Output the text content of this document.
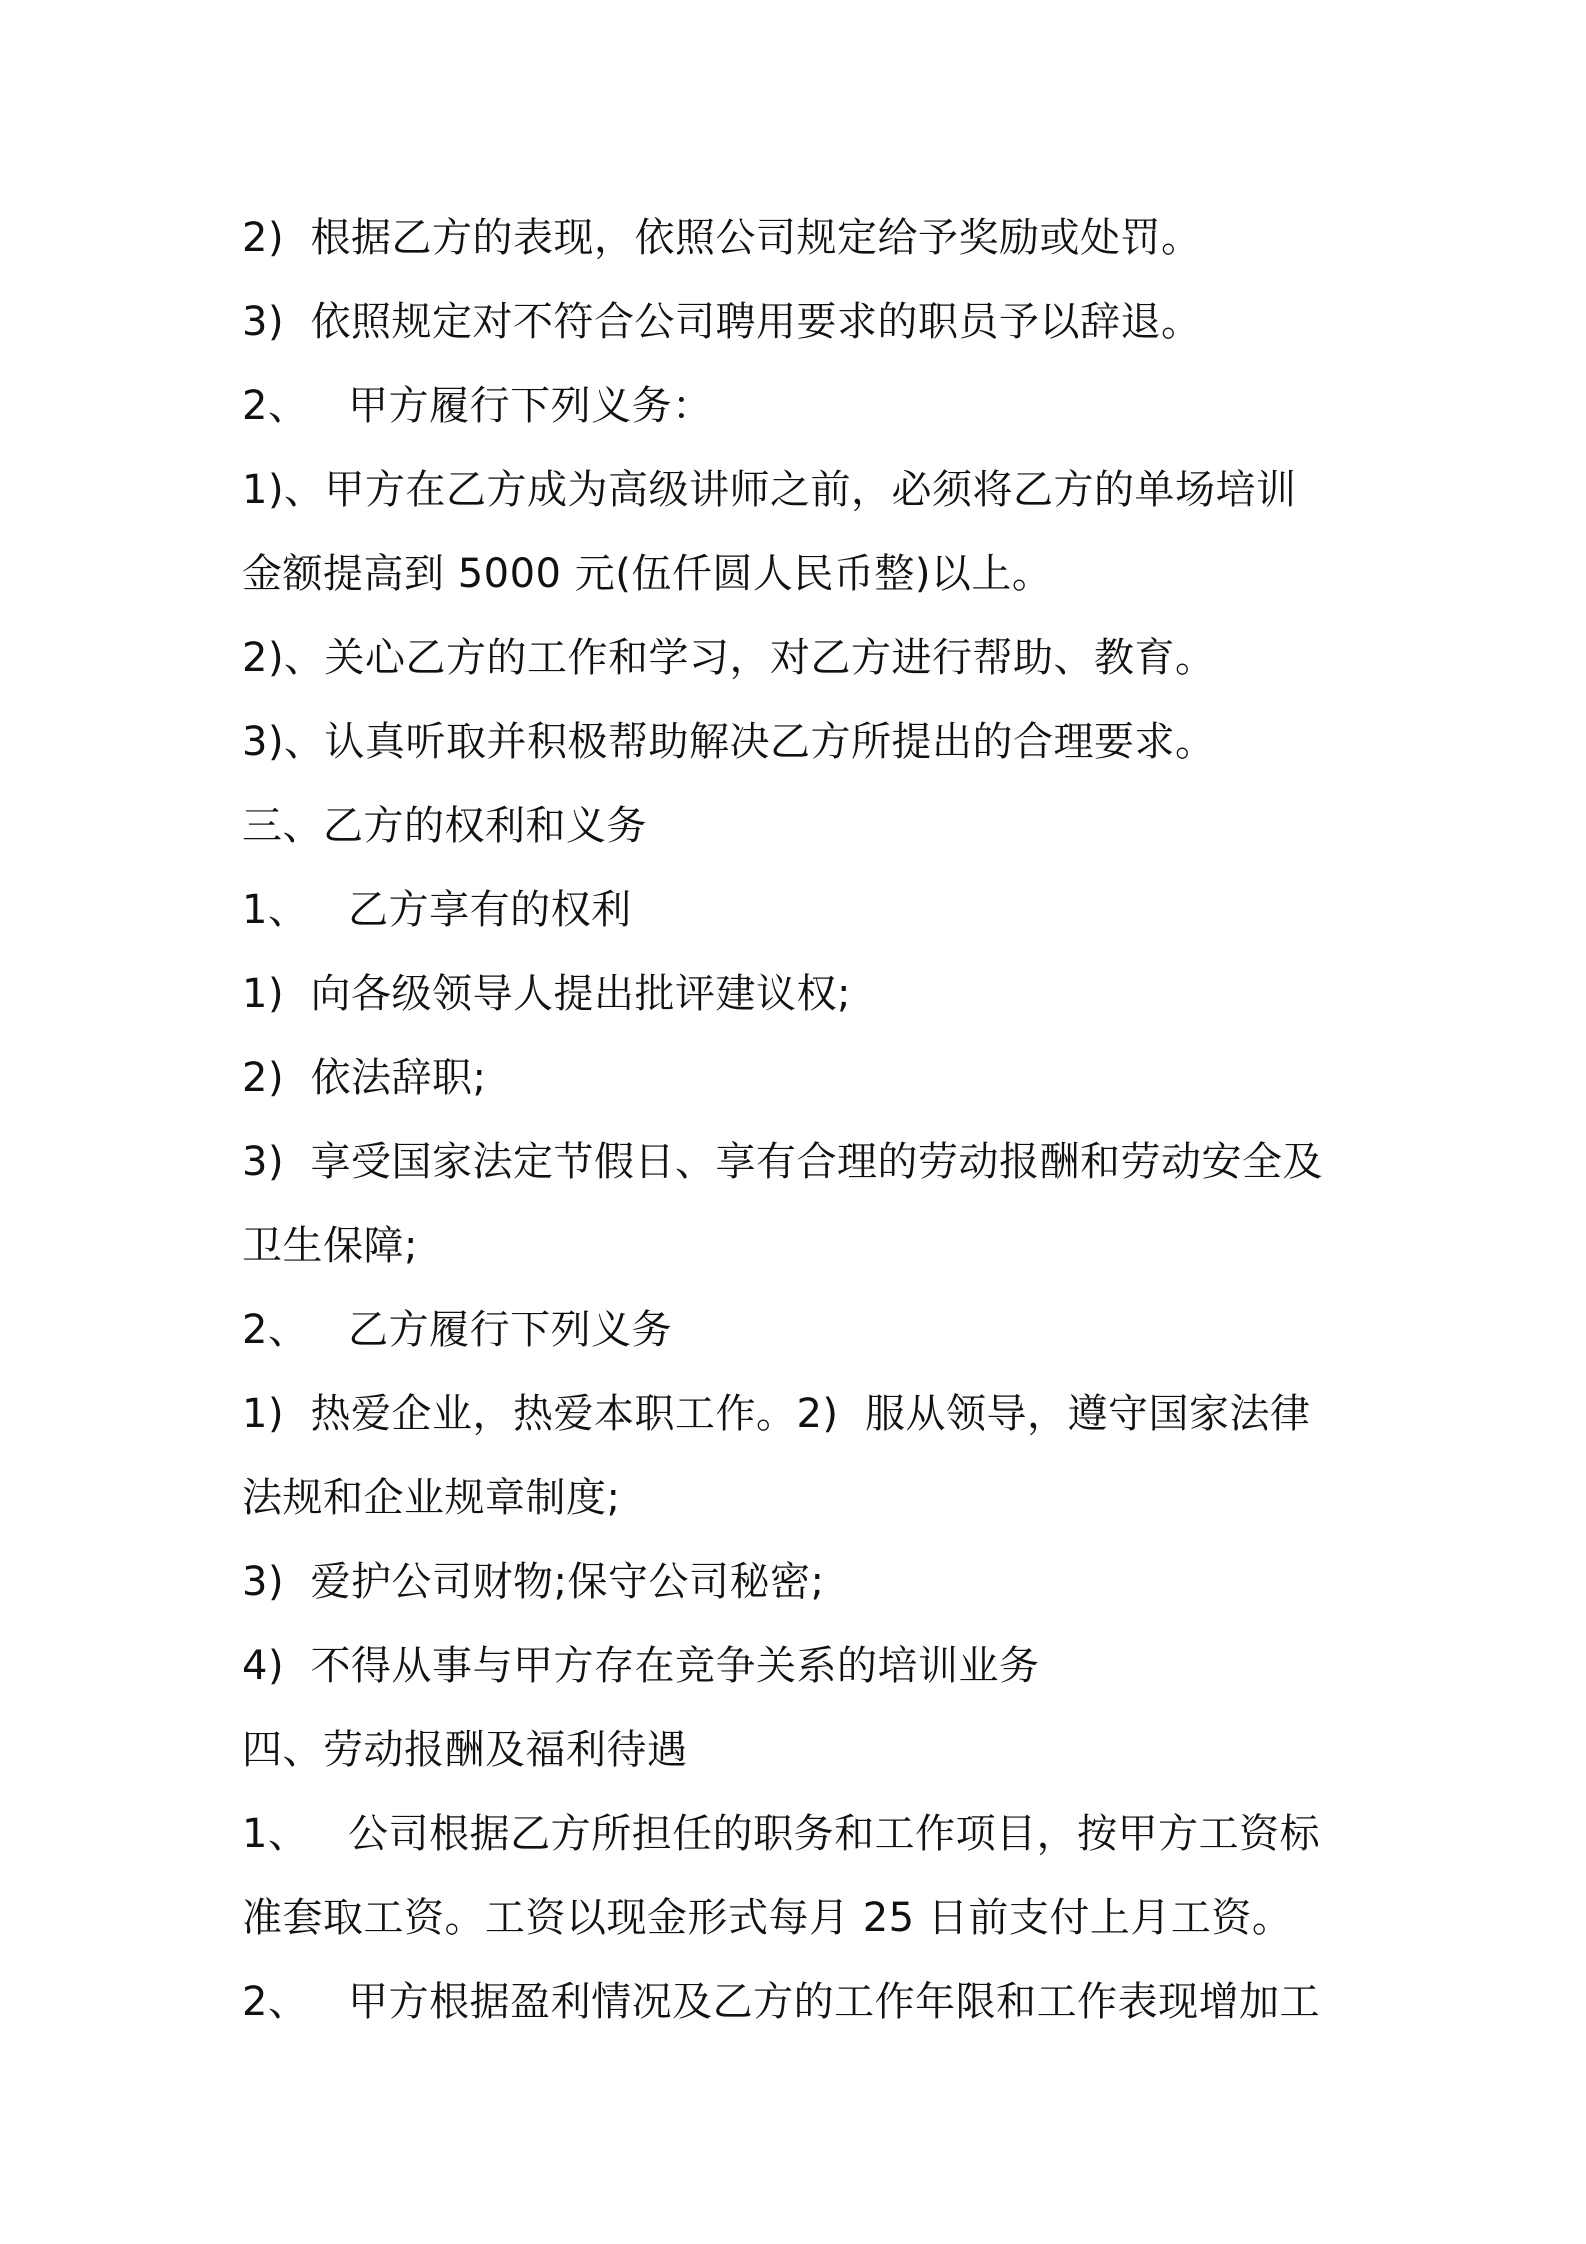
2)  根据乙方的表现，依照公司规定给予奖励或处罚。

3)  依照规定对不符合公司聘用要求的职员予以辞退。

2、   甲方履行下列义务：

1)、甲方在乙方成为高级讲师之前，必须将乙方的单场培训

金额提高到 5000 元(伍仟圆人民币整)以上。

2)、关心乙方的工作和学习，对乙方进行帮助、教育。

3)、认真听取并积极帮助解决乙方所提出的合理要求。

三、乙方的权利和义务

1、   乙方享有的权利

1)  向各级领导人提出批评建议权;

2)  依法辞职;

3)  享受国家法定节假日、享有合理的劳动报酬和劳动安全及

卫生保障;

2、   乙方履行下列义务

1)  热爱企业，热爱本职工作。2)  服从领导，遵守国家法律

法规和企业规章制度;

3)  爱护公司财物;保守公司秘密;

4)  不得从事与甲方存在竞争关系的培训业务

四、劳动报酬及福利待遇

1、   公司根据乙方所担任的职务和工作项目，按甲方工资标

准套取工资。工资以现金形式每月 25 日前支付上月工资。

2、   甲方根据盈利情况及乙方的工作年限和工作表现增加工
